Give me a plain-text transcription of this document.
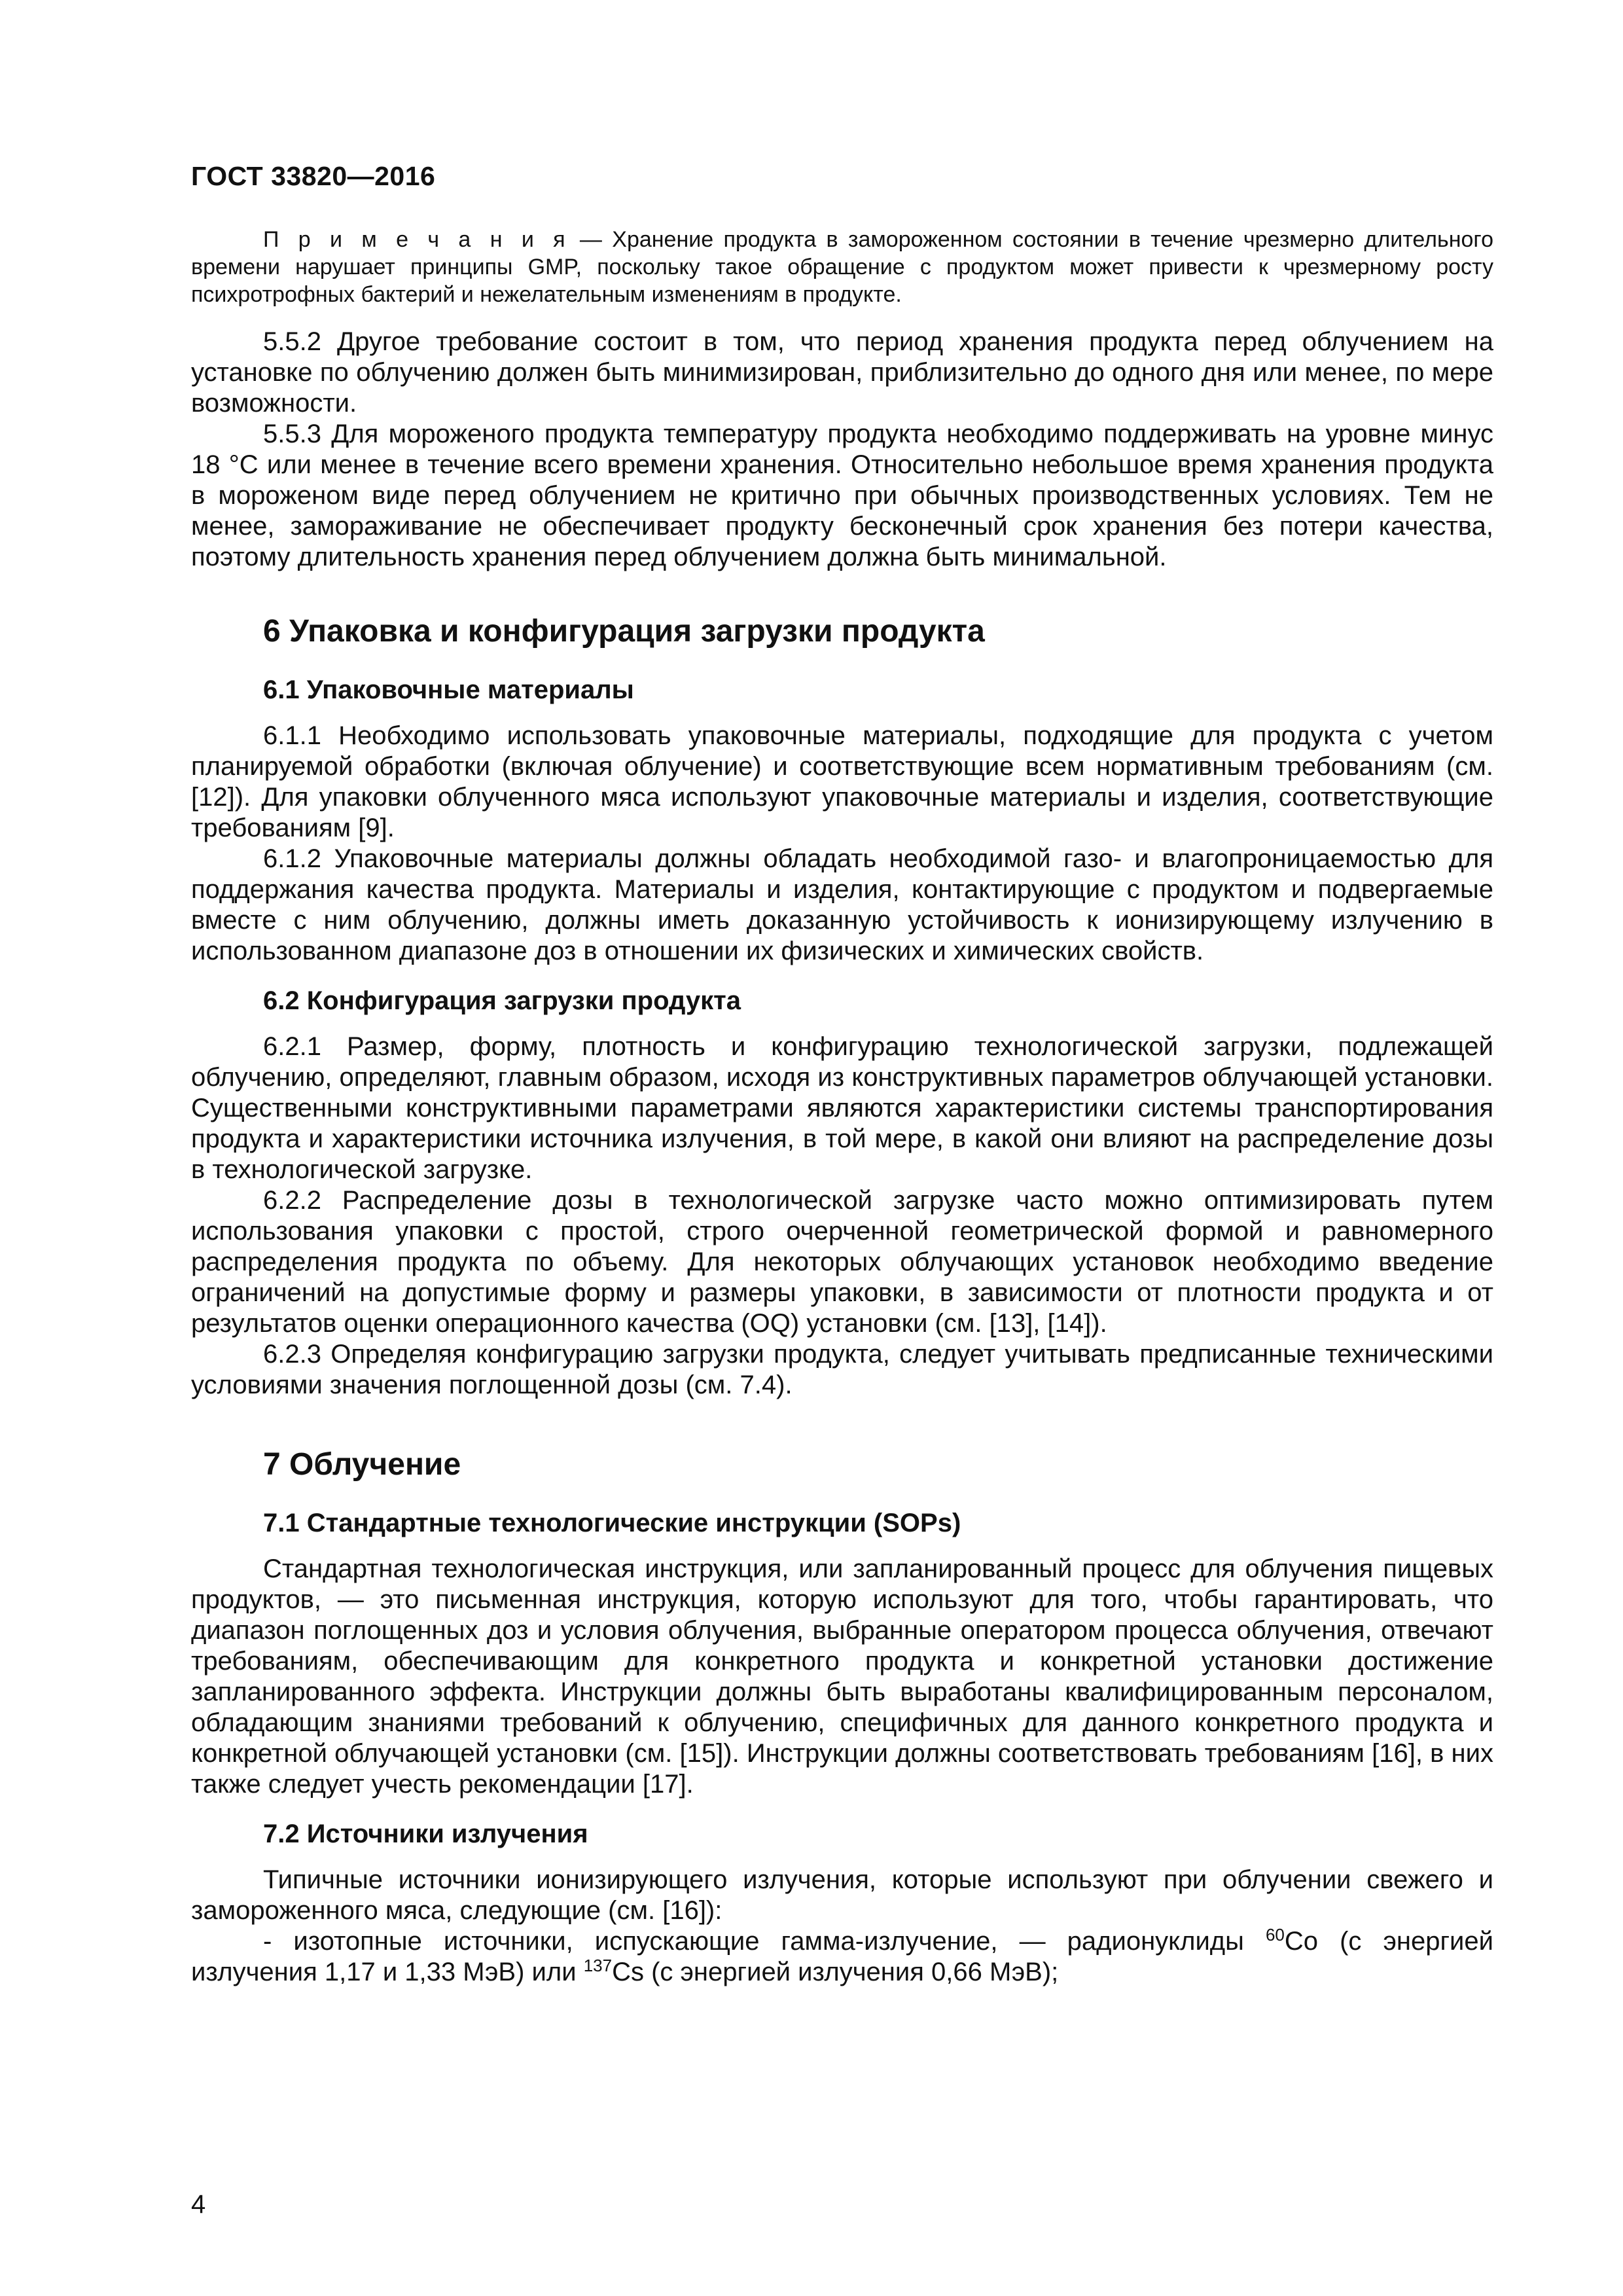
ГОСТ 33820—2016

П р и м е ч а н и я — Хранение продукта в замороженном состоянии в течение чрезмерно длительного времени нарушает принципы GMP, поскольку такое обращение с продуктом может привести к чрезмерному росту психротрофных бактерий и нежелательным изменениям в продукте.

5.5.2 Другое требование состоит в том, что период хранения продукта перед облучением на установке по облучению должен быть минимизирован, приблизительно до одного дня или менее, по мере возможности.

5.5.3 Для мороженого продукта температуру продукта необходимо поддерживать на уровне минус 18 °С или менее в течение всего времени хранения. Относительно небольшое время хранения продукта в мороженом виде перед облучением не критично при обычных производственных условиях. Тем не менее, замораживание не обеспечивает продукту бесконечный срок хранения без потери качества, поэтому длительность хранения перед облучением должна быть минимальной.

6 Упаковка и конфигурация загрузки продукта
6.1 Упаковочные материалы

6.1.1 Необходимо использовать упаковочные материалы, подходящие для продукта с учетом планируемой обработки (включая облучение) и соответствующие всем нормативным требованиям (см. [12]). Для упаковки облученного мяса используют упаковочные материалы и изделия, соответствующие требованиям [9].

6.1.2 Упаковочные материалы должны обладать необходимой газо- и влагопроницаемостью для поддержания качества продукта. Материалы и изделия, контактирующие с продуктом и подвергаемые вместе с ним облучению, должны иметь доказанную устойчивость к ионизирующему излучению в использованном диапазоне доз в отношении их физических и химических свойств.

6.2 Конфигурация загрузки продукта

6.2.1 Размер, форму, плотность и конфигурацию технологической загрузки, подлежащей облучению, определяют, главным образом, исходя из конструктивных параметров облучающей установки. Существенными конструктивными параметрами являются характеристики системы транспортирования продукта и характеристики источника излучения, в той мере, в какой они влияют на распределение дозы в технологической загрузке.

6.2.2 Распределение дозы в технологической загрузке часто можно оптимизировать путем использования упаковки с простой, строго очерченной геометрической формой и равномерного распределения продукта по объему. Для некоторых облучающих установок необходимо введение ограничений на допустимые форму и размеры упаковки, в зависимости от плотности продукта и от результатов оценки операционного качества (OQ) установки (см. [13], [14]).

6.2.3 Определяя конфигурацию загрузки продукта, следует учитывать предписанные техническими условиями значения поглощенной дозы (см. 7.4).

7 Облучение
7.1 Стандартные технологические инструкции (SOPs)

Стандартная технологическая инструкция, или запланированный процесс для облучения пищевых продуктов, — это письменная инструкция, которую используют для того, чтобы гарантировать, что диапазон поглощенных доз и условия облучения, выбранные оператором процесса облучения, отвечают требованиям, обеспечивающим для конкретного продукта и конкретной установки достижение запланированного эффекта. Инструкции должны быть выработаны квалифицированным персоналом, обладающим знаниями требований к облучению, специфичных для данного конкретного продукта и конкретной облучающей установки (см. [15]). Инструкции должны соответствовать требованиям [16], в них также следует учесть рекомендации [17].

7.2 Источники излучения

Типичные источники ионизирующего излучения, которые используют при облучении свежего и замороженного мяса, следующие (см. [16]):

- изотопные источники, испускающие гамма-излучение, — радионуклиды $^{60}$Co (с энергией излучения 1,17 и 1,33 МэВ) или $^{137}$Cs (с энергией излучения 0,66 МэВ);

4
